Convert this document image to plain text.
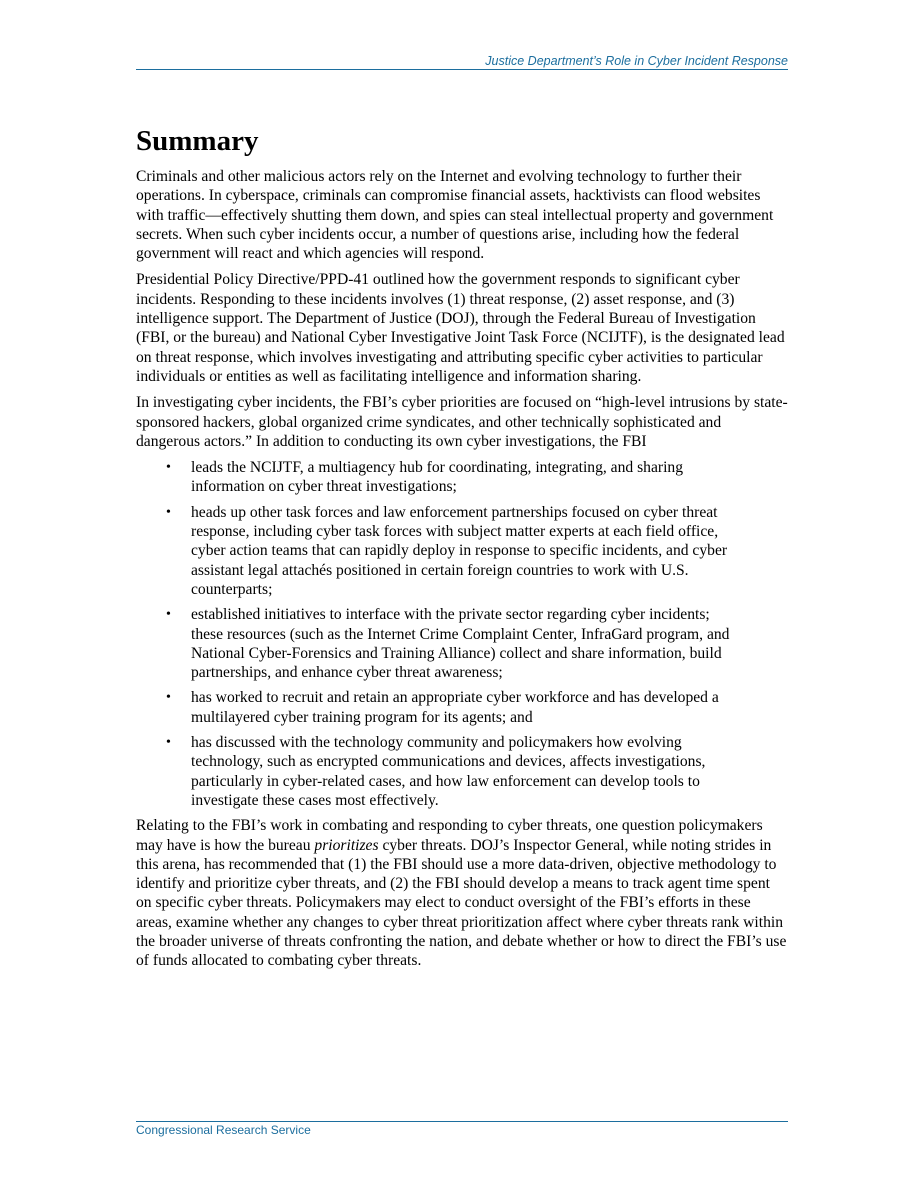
Justice Department’s Role in Cyber Incident Response
Summary

Criminals and other malicious actors rely on the Internet and evolving technology to further their operations. In cyberspace, criminals can compromise financial assets, hacktivists can flood websites with traffic—effectively shutting them down, and spies can steal intellectual property and government secrets. When such cyber incidents occur, a number of questions arise, including how the federal government will react and which agencies will respond.

Presidential Policy Directive/PPD-41 outlined how the government responds to significant cyber incidents. Responding to these incidents involves (1) threat response, (2) asset response, and (3) intelligence support. The Department of Justice (DOJ), through the Federal Bureau of Investigation (FBI, or the bureau) and National Cyber Investigative Joint Task Force (NCIJTF), is the designated lead on threat response, which involves investigating and attributing specific cyber activities to particular individuals or entities as well as facilitating intelligence and information sharing.

In investigating cyber incidents, the FBI’s cyber priorities are focused on “high-level intrusions by state-sponsored hackers, global organized crime syndicates, and other technically sophisticated and dangerous actors.” In addition to conducting its own cyber investigations, the FBI

• leads the NCIJTF, a multiagency hub for coordinating, integrating, and sharing information on cyber threat investigations;
• heads up other task forces and law enforcement partnerships focused on cyber threat response, including cyber task forces with subject matter experts at each field office, cyber action teams that can rapidly deploy in response to specific incidents, and cyber assistant legal attachés positioned in certain foreign countries to work with U.S. counterparts;
• established initiatives to interface with the private sector regarding cyber incidents; these resources (such as the Internet Crime Complaint Center, InfraGard program, and National Cyber-Forensics and Training Alliance) collect and share information, build partnerships, and enhance cyber threat awareness;
• has worked to recruit and retain an appropriate cyber workforce and has developed a multilayered cyber training program for its agents; and
• has discussed with the technology community and policymakers how evolving technology, such as encrypted communications and devices, affects investigations, particularly in cyber-related cases, and how law enforcement can develop tools to investigate these cases most effectively.

Relating to the FBI’s work in combating and responding to cyber threats, one question policymakers may have is how the bureau prioritizes cyber threats. DOJ’s Inspector General, while noting strides in this arena, has recommended that (1) the FBI should use a more data-driven, objective methodology to identify and prioritize cyber threats, and (2) the FBI should develop a means to track agent time spent on specific cyber threats. Policymakers may elect to conduct oversight of the FBI’s efforts in these areas, examine whether any changes to cyber threat prioritization affect where cyber threats rank within the broader universe of threats confronting the nation, and debate whether or how to direct the FBI’s use of funds allocated to combating cyber threats.

Congressional Research Service
